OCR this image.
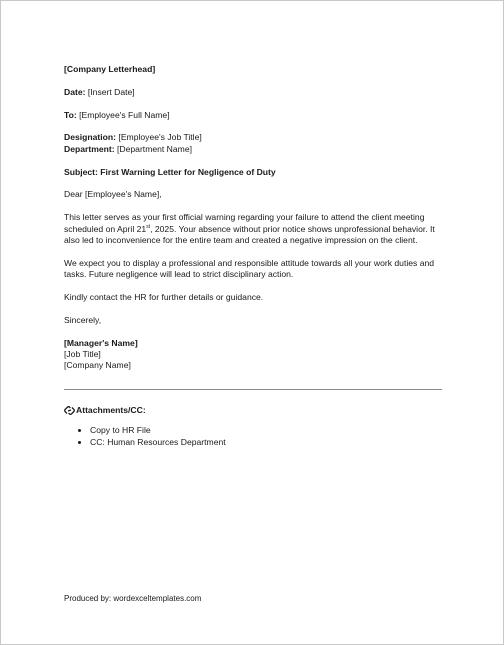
[Company Letterhead]
Date: [Insert Date]
To: [Employee's Full Name]
Designation: [Employee's Job Title]
Department: [Department Name]
Subject: First Warning Letter for Negligence of Duty
Dear [Employee's Name],
This letter serves as your first official warning regarding your failure to attend the client meeting scheduled on April 21st, 2025. Your absence without prior notice shows unprofessional behavior. It also led to inconvenience for the entire team and created a negative impression on the client.
We expect you to display a professional and responsible attitude towards all your work duties and tasks. Future negligence will lead to strict disciplinary action.
Kindly contact the HR for further details or guidance.
Sincerely,
[Manager's Name]
[Job Title]
[Company Name]
Attachments/CC:
Copy to HR File
CC: Human Resources Department
Produced by: wordexceltemplates.com
